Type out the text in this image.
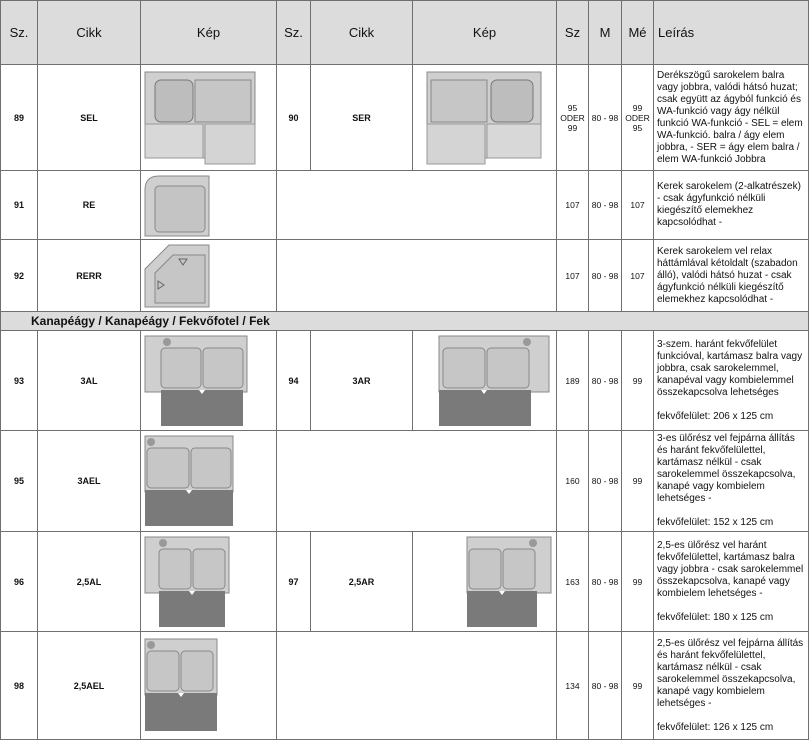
Sz.	Cikk	Kép	Sz.	Cikk	Kép	Sz	M	Mé	Leírás
89	SEL		90	SER		95 ODER 99	80 - 98	99 ODER 95	Derékszögű sarokelem balra vagy jobbra, valódi hátsó huzat; csak együtt az ágyból funkció és WA-funkció vagy ágy nélkül funkció WA-funkció - SEL = elem WA-funkció. balra / ágy elem jobbra, - SER = ágy elem balra / elem WA-funkció Jobbra
91	RE					107	80 - 98	107	Kerek sarokelem (2-alkatrészek) - csak ágyfunkció nélküli kiegészítő elemekhez kapcsolódhat -
92	RERR					107	80 - 98	107	Kerek sarokelem vel relax háttámlával kétoldalt (szabadon álló), valódi hátsó huzat - csak ágyfunkció nélküli kiegészítő elemekhez kapcsolódhat -
Kanapéágy / Kanapéágy / Fekvőfotel / Fek									
93	3AL		94	3AR		189	80 - 98	99	3-szem. haránt fekvőfelület funkcióval, kartámasz balra vagy jobbra, csak sarokelemmel, kanapéval vagy kombielemmel összekapcsolva lehetséges
fekvőfelület: 206 x 125 cm
95	3AEL					160	80 - 98	99	3-es ülőrész vel fejpárna állítás és haránt fekvőfelülettel, kartámasz nélkül - csak sarokelemmel összekapcsolva, kanapé vagy kombielem lehetséges -
fekvőfelület: 152 x 125 cm
96	2,5AL		97	2,5AR		163	80 - 98	99	2,5-es ülőrész vel haránt fekvőfelülettel, kartámasz balra vagy jobbra - csak sarokelemmel összekapcsolva, kanapé vagy kombielem lehetséges -
fekvőfelület: 180 x 125 cm
98	2,5AEL					134	80 - 98	99	2,5-es ülőrész vel fejpárna állítás és haránt fekvőfelülettel, kartámasz nélkül - csak sarokelemmel összekapcsolva, kanapé vagy kombielem lehetséges -
fekvőfelület: 126 x 125 cm
